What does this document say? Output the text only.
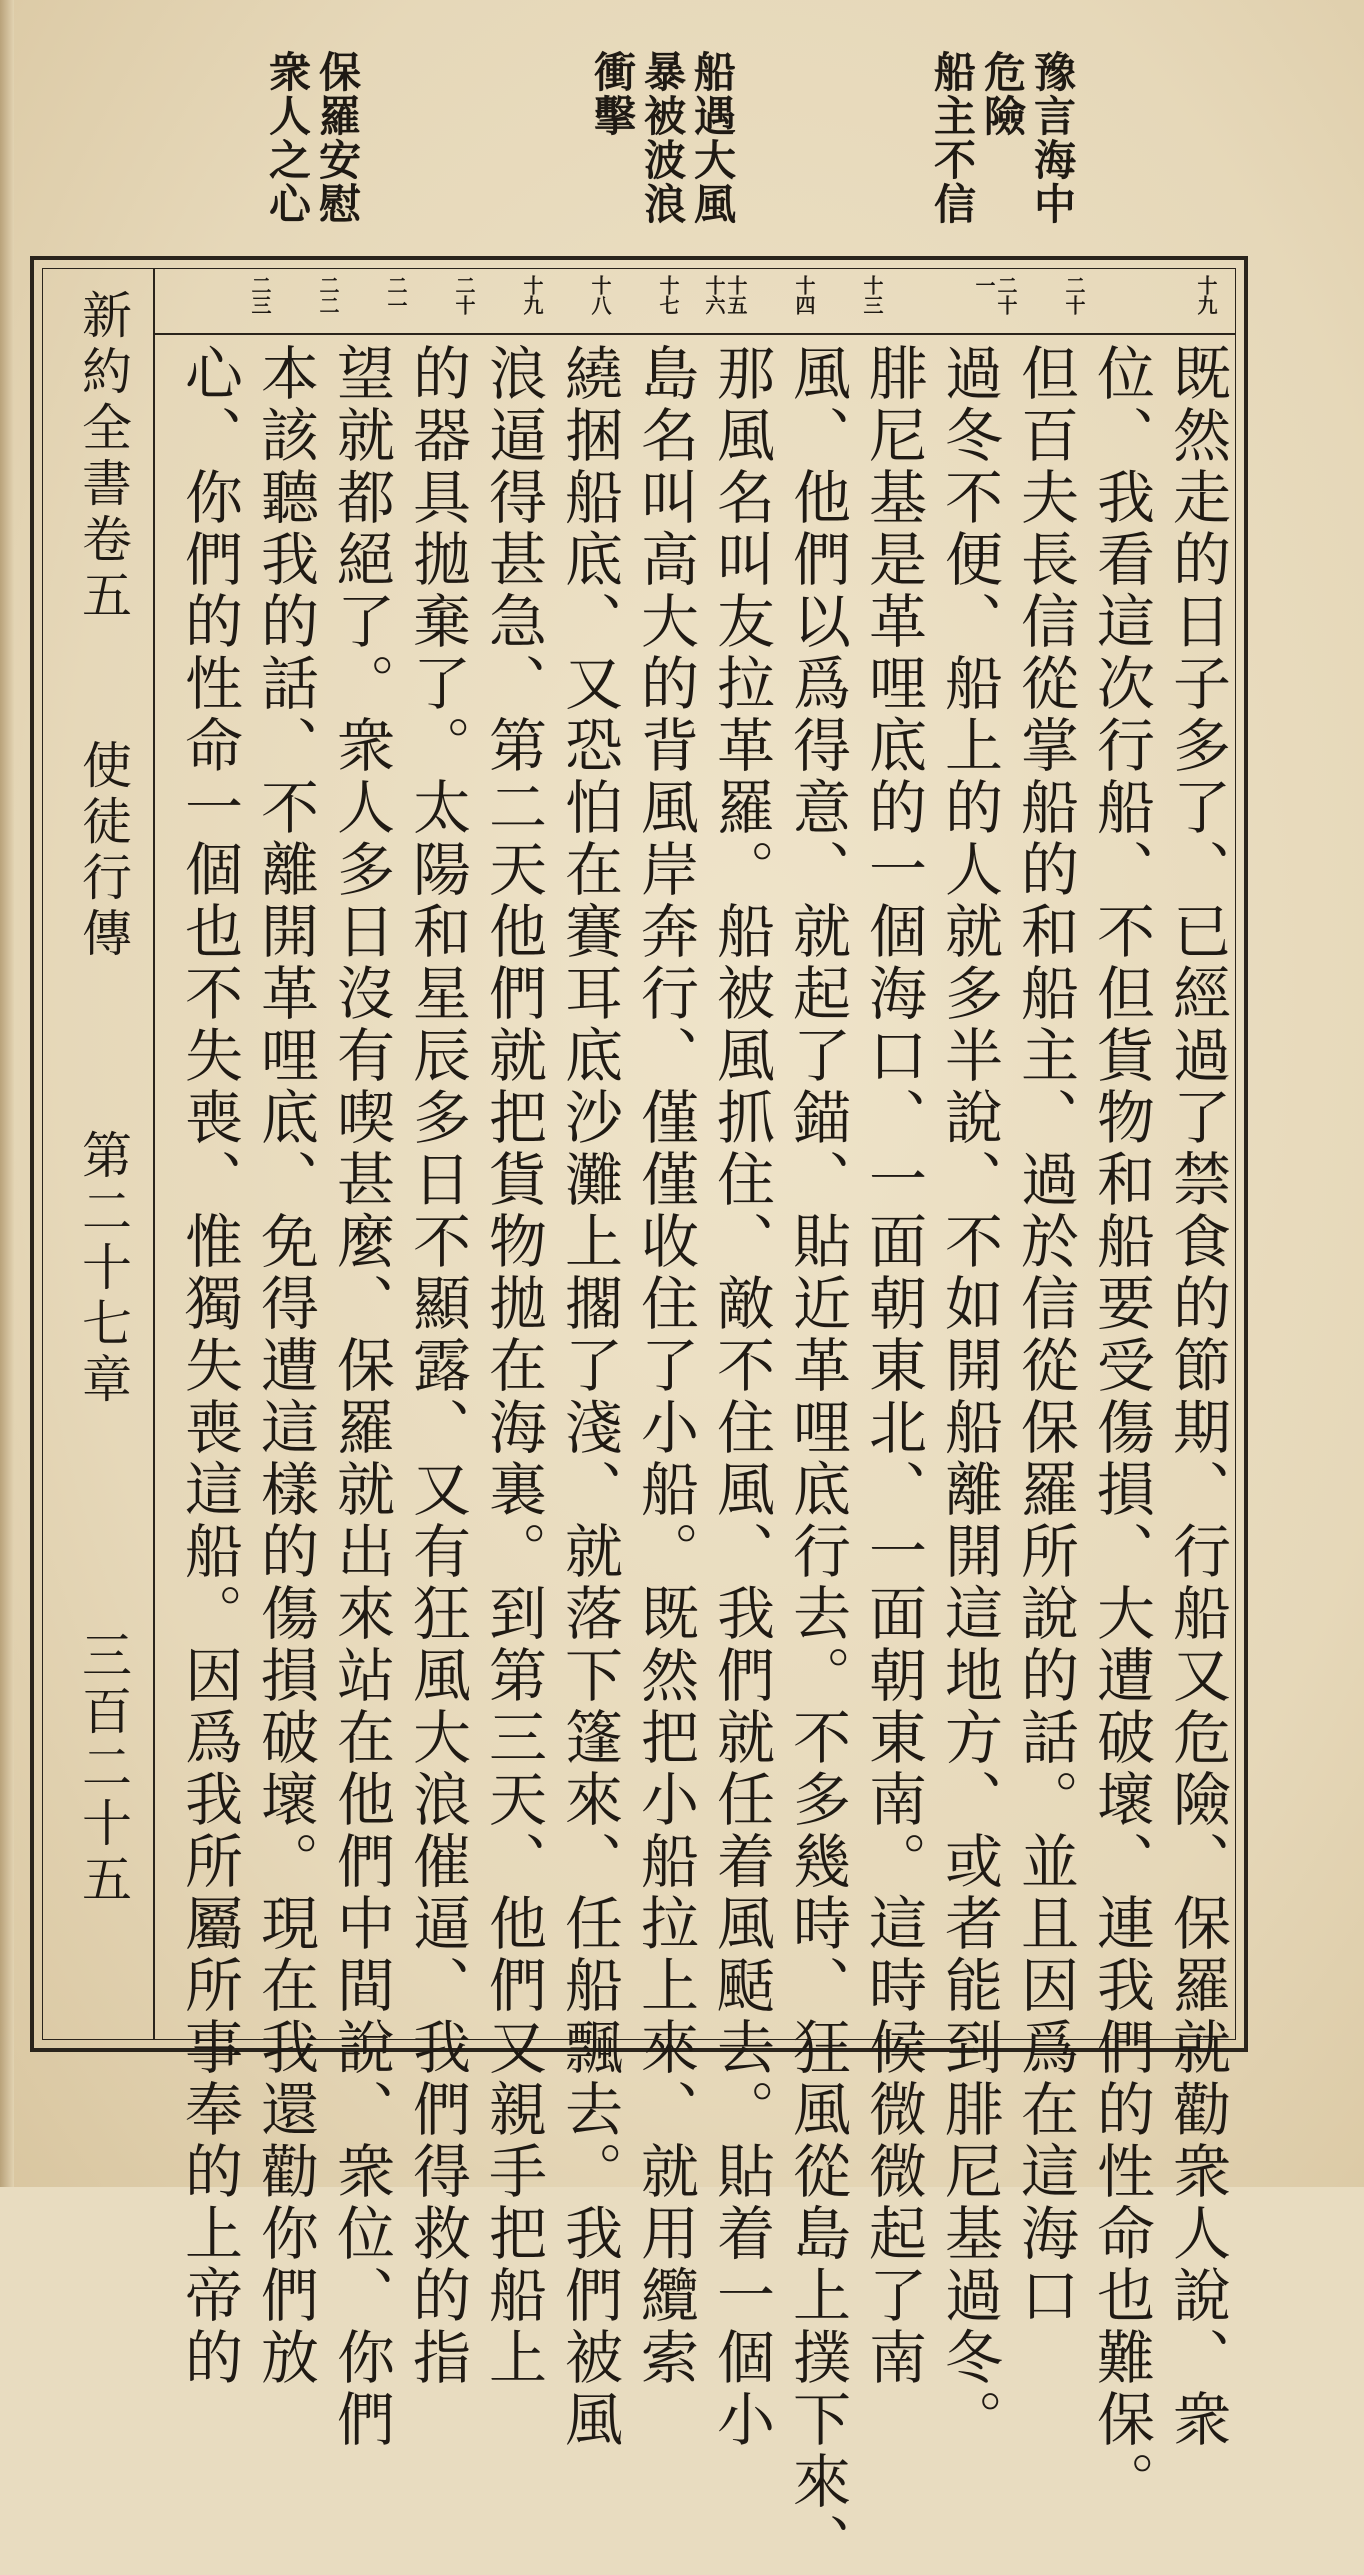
豫言海中
危險
船主不信
船遇大風
暴被波浪
衝擊
保羅安慰
衆人之心
新約全書卷五
使徒行傳
第二十七章
三百二十五
十九
二十
二十一
十三
十四
十五十六
十七
十八
十九
二十
二一
二二
二三
既然走的日子多了、已經過了禁食的節期、行船又危險、保羅就勸衆人說、衆
位、我看這次行船、不但貨物和船要受傷損、大遭破壞、連我們的性命也難保。
但百夫長信從掌船的和船主、過於信從保羅所說的話。並且因爲在這海口
過冬不便、船上的人就多半說、不如開船離開這地方、或者能到腓尼基過冬。
腓尼基是革哩底的一個海口、一面朝東北、一面朝東南。這時候微微起了南
風、他們以爲得意、就起了錨、貼近革哩底行去。不多幾時、狂風從島上撲下來、
那風名叫友拉革羅。船被風抓住、敵不住風、我們就任着風颳去。貼着一個小
島名叫高大的背風岸奔行、僅僅收住了小船。既然把小船拉上來、就用纜索
繞捆船底、又恐怕在賽耳底沙灘上擱了淺、就落下篷來、任船飄去。我們被風
浪逼得甚急、第二天他們就把貨物拋在海裏。到第三天、他們又親手把船上
的器具拋棄了。太陽和星辰多日不顯露、又有狂風大浪催逼、我們得救的指
望就都絕了。衆人多日沒有喫甚麼、保羅就出來站在他們中間說、衆位、你們
本該聽我的話、不離開革哩底、免得遭這樣的傷損破壞。現在我還勸你們放
心、你們的性命一個也不失喪、惟獨失喪這船。因爲我所屬所事奉的上帝的
